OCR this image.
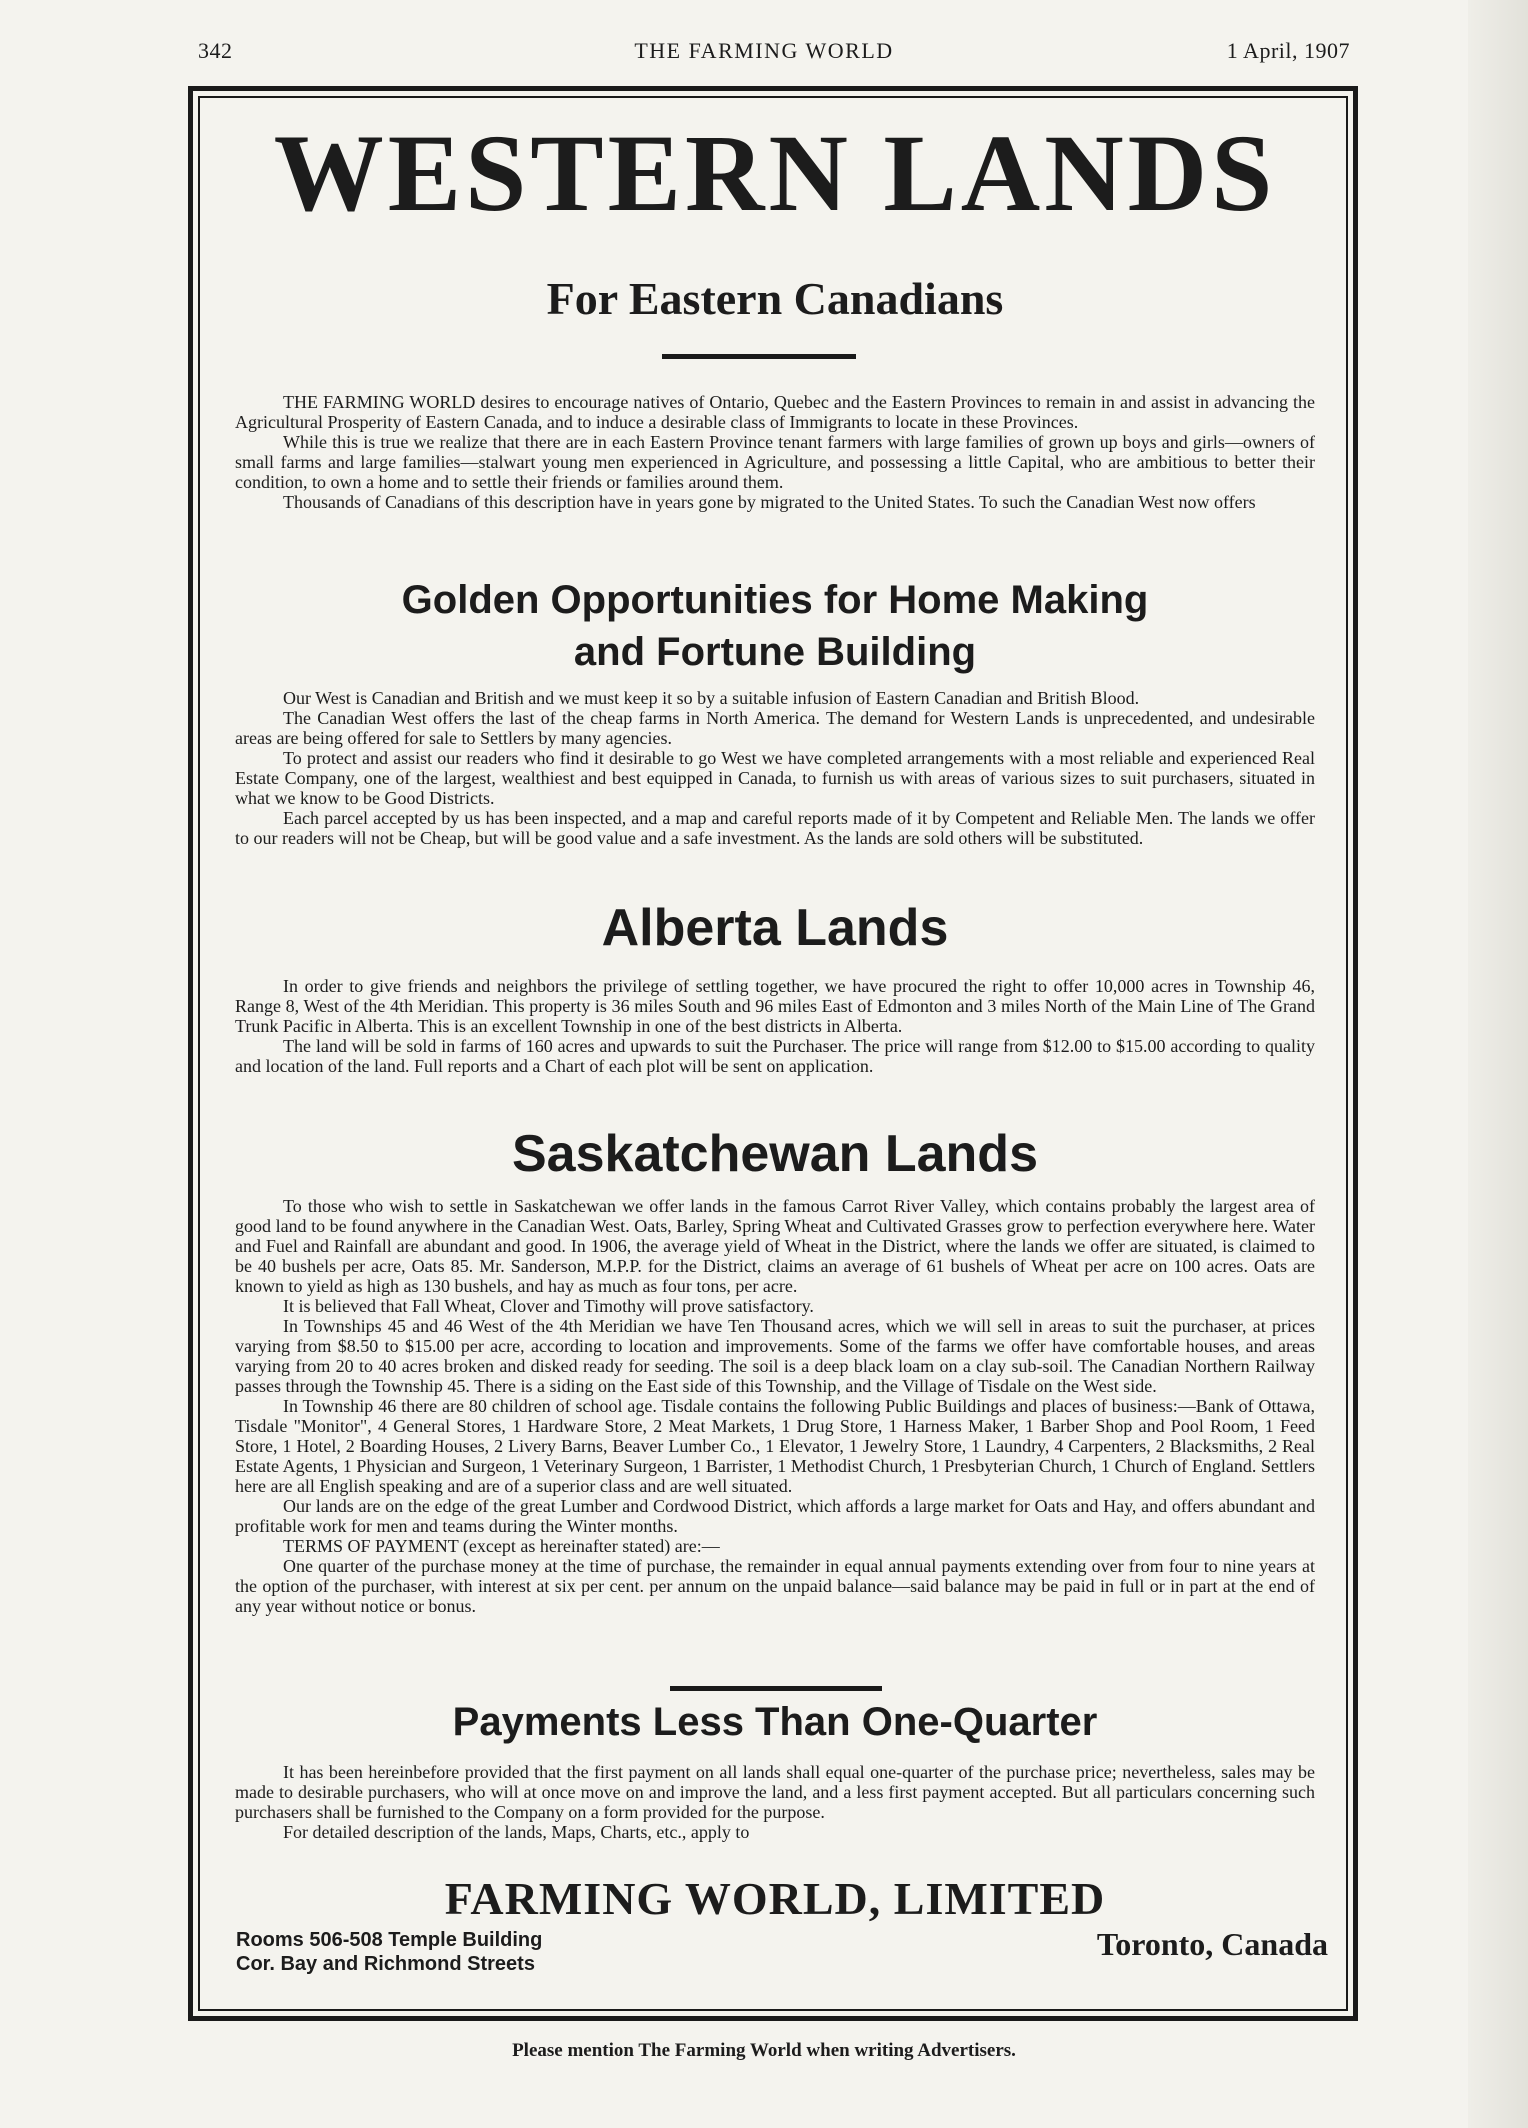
342	THE FARMING WORLD	1 April, 1907
WESTERN LANDS
For Eastern Canadians

THE FARMING WORLD desires to encourage natives of Ontario, Quebec and the Eastern Provinces to remain in and assist in advancing the Agricultural Prosperity of Eastern Canada, and to induce a desirable class of Immigrants to locate in these Provinces.

While this is true we realize that there are in each Eastern Province tenant farmers with large families of grown up boys and girls—owners of small farms and large families—stalwart young men experienced in Agriculture, and possessing a little Capital, who are ambitious to better their condition, to own a home and to settle their friends or families around them.

Thousands of Canadians of this description have in years gone by migrated to the United States. To such the Canadian West now offers

Golden Opportunities for Home Making
and Fortune Building

Our West is Canadian and British and we must keep it so by a suitable infusion of Eastern Canadian and British Blood.

The Canadian West offers the last of the cheap farms in North America. The demand for Western Lands is unprecedented, and undesirable areas are being offered for sale to Settlers by many agencies.

To protect and assist our readers who find it desirable to go West we have completed arrangements with a most reliable and experienced Real Estate Company, one of the largest, wealthiest and best equipped in Canada, to furnish us with areas of various sizes to suit purchasers, situated in what we know to be Good Districts.

Each parcel accepted by us has been inspected, and a map and careful reports made of it by Competent and Reliable Men. The lands we offer to our readers will not be Cheap, but will be good value and a safe investment. As the lands are sold others will be substituted.

Alberta Lands

In order to give friends and neighbors the privilege of settling together, we have procured the right to offer 10,000 acres in Township 46, Range 8, West of the 4th Meridian. This property is 36 miles South and 96 miles East of Edmonton and 3 miles North of the Main Line of The Grand Trunk Pacific in Alberta. This is an excellent Township in one of the best districts in Alberta.

The land will be sold in farms of 160 acres and upwards to suit the Purchaser. The price will range from $12.00 to $15.00 according to quality and location of the land. Full reports and a Chart of each plot will be sent on application.

Saskatchewan Lands

To those who wish to settle in Saskatchewan we offer lands in the famous Carrot River Valley, which contains probably the largest area of good land to be found anywhere in the Canadian West. Oats, Barley, Spring Wheat and Cultivated Grasses grow to perfection everywhere here. Water and Fuel and Rainfall are abundant and good. In 1906, the average yield of Wheat in the District, where the lands we offer are situated, is claimed to be 40 bushels per acre, Oats 85. Mr. Sanderson, M.P.P. for the District, claims an average of 61 bushels of Wheat per acre on 100 acres. Oats are known to yield as high as 130 bushels, and hay as much as four tons, per acre.

It is believed that Fall Wheat, Clover and Timothy will prove satisfactory.

In Townships 45 and 46 West of the 4th Meridian we have Ten Thousand acres, which we will sell in areas to suit the purchaser, at prices varying from $8.50 to $15.00 per acre, according to location and improvements. Some of the farms we offer have comfortable houses, and areas varying from 20 to 40 acres broken and disked ready for seeding. The soil is a deep black loam on a clay sub-soil. The Canadian Northern Railway passes through the Township 45. There is a siding on the East side of this Township, and the Village of Tisdale on the West side.

In Township 46 there are 80 children of school age. Tisdale contains the following Public Buildings and places of business:—Bank of Ottawa, Tisdale "Monitor", 4 General Stores, 1 Hardware Store, 2 Meat Markets, 1 Drug Store, 1 Harness Maker, 1 Barber Shop and Pool Room, 1 Feed Store, 1 Hotel, 2 Boarding Houses, 2 Livery Barns, Beaver Lumber Co., 1 Elevator, 1 Jewelry Store, 1 Laundry, 4 Carpenters, 2 Blacksmiths, 2 Real Estate Agents, 1 Physician and Surgeon, 1 Veterinary Surgeon, 1 Barrister, 1 Methodist Church, 1 Presbyterian Church, 1 Church of England. Settlers here are all English speaking and are of a superior class and are well situated.

Our lands are on the edge of the great Lumber and Cordwood District, which affords a large market for Oats and Hay, and offers abundant and profitable work for men and teams during the Winter months.

TERMS OF PAYMENT (except as hereinafter stated) are:—

One quarter of the purchase money at the time of purchase, the remainder in equal annual payments extending over from four to nine years at the option of the purchaser, with interest at six per cent. per annum on the unpaid balance—said balance may be paid in full or in part at the end of any year without notice or bonus.

Payments Less Than One-Quarter

It has been hereinbefore provided that the first payment on all lands shall equal one-quarter of the purchase price; nevertheless, sales may be made to desirable purchasers, who will at once move on and improve the land, and a less first payment accepted. But all particulars concerning such purchasers shall be furnished to the Company on a form provided for the purpose.

For detailed description of the lands, Maps, Charts, etc., apply to

FARMING WORLD, LIMITED
Rooms 506-508 Temple Building
Cor. Bay and Richmond Streets
Toronto, Canada
Please mention The Farming World when writing Advertisers.
